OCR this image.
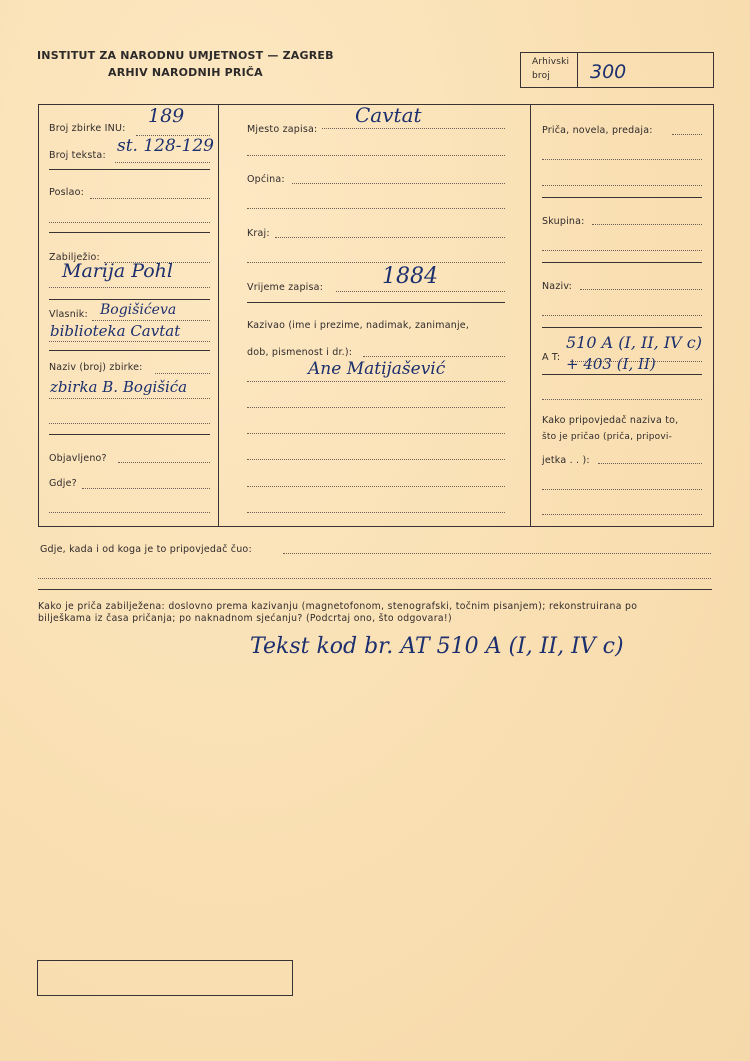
INSTITUT ZA NARODNU UMJETNOST — ZAGREB
ARHIV NARODNIH PRIČA
Arhivski
broj 300
Broj zbirke INU:
189
Broj teksta: st. 128-129
Poslao:
Zabilježio:
Marija Pohl
Vlasnik: Bogišićeva
biblioteka Cavtat
Naziv (broj) zbirke:
zbirka B. Bogišića
Objavljeno?
Gdje?
Mjesto zapisa:
Cavtat
Općina:
Kraj:
Vrijeme zapisa:	1884
Kazivao (ime i prezime, nadimak, zanimanje,
dob, pismenost i dr.):
Ane Matijašević
Priča, novela, predaja:
Skupina:
Naziv:
A T:
510 A (I, II, IV c)
+ 403 (I, II)
Kako pripovjedač naziva to,
što je pričao (priča, pripovi-
jetka . . ):
Gdje, kada i od koga je to pripovjedač čuo:
Kako je priča zabilježena: doslovno prema kazivanju (magnetofonom, stenografski, točnim pisanjem); rekonstruirana po
bilješkama iz časa pričanja; po naknadnom sjećanju? (Podcrtaj ono, što odgovara!)
Tekst kod br. AT 510 A (I, II, IV c)
